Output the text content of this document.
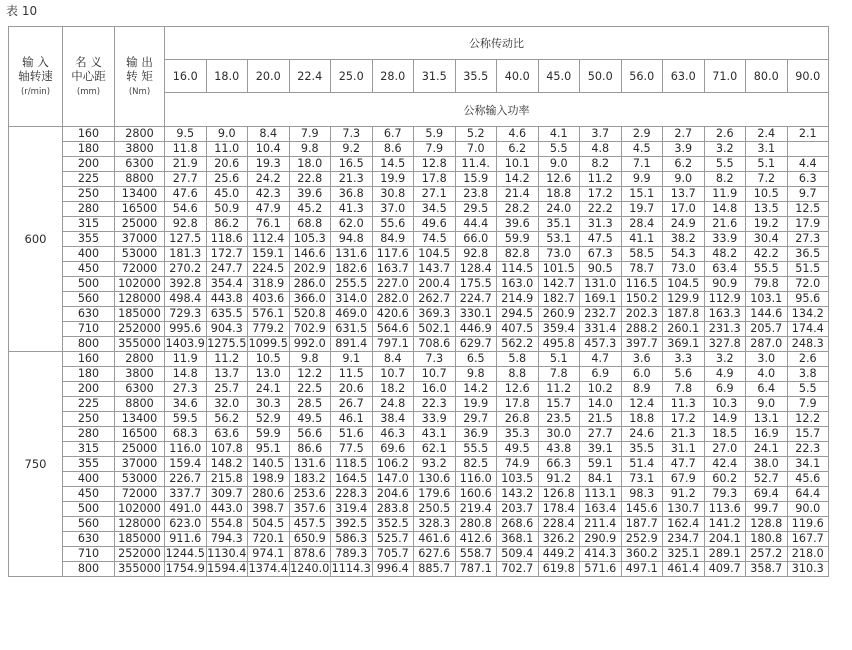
表 10
输 入
轴转速
(r/min)	名 义
中心距
(mm)	输 出
转 矩
(Nm)	公称传动比															
			16.0	18.0	20.0	22.4	25.0	28.0	31.5	35.5	40.0	45.0	50.0	56.0	63.0	71.0	80.0	90.0
			公称输入功率															
600	160	2800	9.5	9.0	8.4	7.9	7.3	6.7	5.9	5.2	4.6	4.1	3.7	2.9	2.7	2.6	2.4	2.1
	180	3800	11.8	11.0	10.4	9.8	9.2	8.6	7.9	7.0	6.2	5.5	4.8	4.5	3.9	3.2	3.1	
	200	6300	21.9	20.6	19.3	18.0	16.5	14.5	12.8	11.4.	10.1	9.0	8.2	7.1	6.2	5.5	5.1	4.4
	225	8800	27.7	25.6	24.2	22.8	21.3	19.9	17.8	15.9	14.2	12.6	11.2	9.9	9.0	8.2	7.2	6.3
	250	13400	47.6	45.0	42.3	39.6	36.8	30.8	27.1	23.8	21.4	18.8	17.2	15.1	13.7	11.9	10.5	9.7
	280	16500	54.6	50.9	47.9	45.2	41.3	37.0	34.5	29.5	28.2	24.0	22.2	19.7	17.0	14.8	13.5	12.5
	315	25000	92.8	86.2	76.1	68.8	62.0	55.6	49.6	44.4	39.6	35.1	31.3	28.4	24.9	21.6	19.2	17.9
	355	37000	127.5	118.6	112.4	105.3	94.8	84.9	74.5	66.0	59.9	53.1	47.5	41.1	38.2	33.9	30.4	27.3
	400	53000	181.3	172.7	159.1	146.6	131.6	117.6	104.5	92.8	82.8	73.0	67.3	58.5	54.3	48.2	42.2	36.5
	450	72000	270.2	247.7	224.5	202.9	182.6	163.7	143.7	128.4	114.5	101.5	90.5	78.7	73.0	63.4	55.5	51.5
	500	102000	392.8	354.4	318.9	286.0	255.5	227.0	200.4	175.5	163.0	142.7	131.0	116.5	104.5	90.9	79.8	72.0
	560	128000	498.4	443.8	403.6	366.0	314.0	282.0	262.7	224.7	214.9	182.7	169.1	150.2	129.9	112.9	103.1	95.6
	630	185000	729.3	635.5	576.1	520.8	469.0	420.6	369.3	330.1	294.5	260.9	232.7	202.3	187.8	163.3	144.6	134.2
	710	252000	995.6	904.3	779.2	702.9	631.5	564.6	502.1	446.9	407.5	359.4	331.4	288.2	260.1	231.3	205.7	174.4
	800	355000	1403.9	1275.5	1099.5	992.0	891.4	797.1	708.6	629.7	562.2	495.8	457.3	397.7	369.1	327.8	287.0	248.3
750	160	2800	11.9	11.2	10.5	9.8	9.1	8.4	7.3	6.5	5.8	5.1	4.7	3.6	3.3	3.2	3.0	2.6
	180	3800	14.8	13.7	13.0	12.2	11.5	10.7	10.7	9.8	8.8	7.8	6.9	6.0	5.6	4.9	4.0	3.8
	200	6300	27.3	25.7	24.1	22.5	20.6	18.2	16.0	14.2	12.6	11.2	10.2	8.9	7.8	6.9	6.4	5.5
	225	8800	34.6	32.0	30.3	28.5	26.7	24.8	22.3	19.9	17.8	15.7	14.0	12.4	11.3	10.3	9.0	7.9
	250	13400	59.5	56.2	52.9	49.5	46.1	38.4	33.9	29.7	26.8	23.5	21.5	18.8	17.2	14.9	13.1	12.2
	280	16500	68.3	63.6	59.9	56.6	51.6	46.3	43.1	36.9	35.3	30.0	27.7	24.6	21.3	18.5	16.9	15.7
	315	25000	116.0	107.8	95.1	86.6	77.5	69.6	62.1	55.5	49.5	43.8	39.1	35.5	31.1	27.0	24.1	22.3
	355	37000	159.4	148.2	140.5	131.6	118.5	106.2	93.2	82.5	74.9	66.3	59.1	51.4	47.7	42.4	38.0	34.1
	400	53000	226.7	215.8	198.9	183.2	164.5	147.0	130.6	116.0	103.5	91.2	84.1	73.1	67.9	60.2	52.7	45.6
	450	72000	337.7	309.7	280.6	253.6	228.3	204.6	179.6	160.6	143.2	126.8	113.1	98.3	91.2	79.3	69.4	64.4
	500	102000	491.0	443.0	398.7	357.6	319.4	283.8	250.5	219.4	203.7	178.4	163.4	145.6	130.7	113.6	99.7	90.0
	560	128000	623.0	554.8	504.5	457.5	392.5	352.5	328.3	280.8	268.6	228.4	211.4	187.7	162.4	141.2	128.8	119.6
	630	185000	911.6	794.3	720.1	650.9	586.3	525.7	461.6	412.6	368.1	326.2	290.9	252.9	234.7	204.1	180.8	167.7
	710	252000	1244.5	1130.4	974.1	878.6	789.3	705.7	627.6	558.7	509.4	449.2	414.3	360.2	325.1	289.1	257.2	218.0
	800	355000	1754.9	1594.4	1374.4	1240.0	1114.3	996.4	885.7	787.1	702.7	619.8	571.6	497.1	461.4	409.7	358.7	310.3
